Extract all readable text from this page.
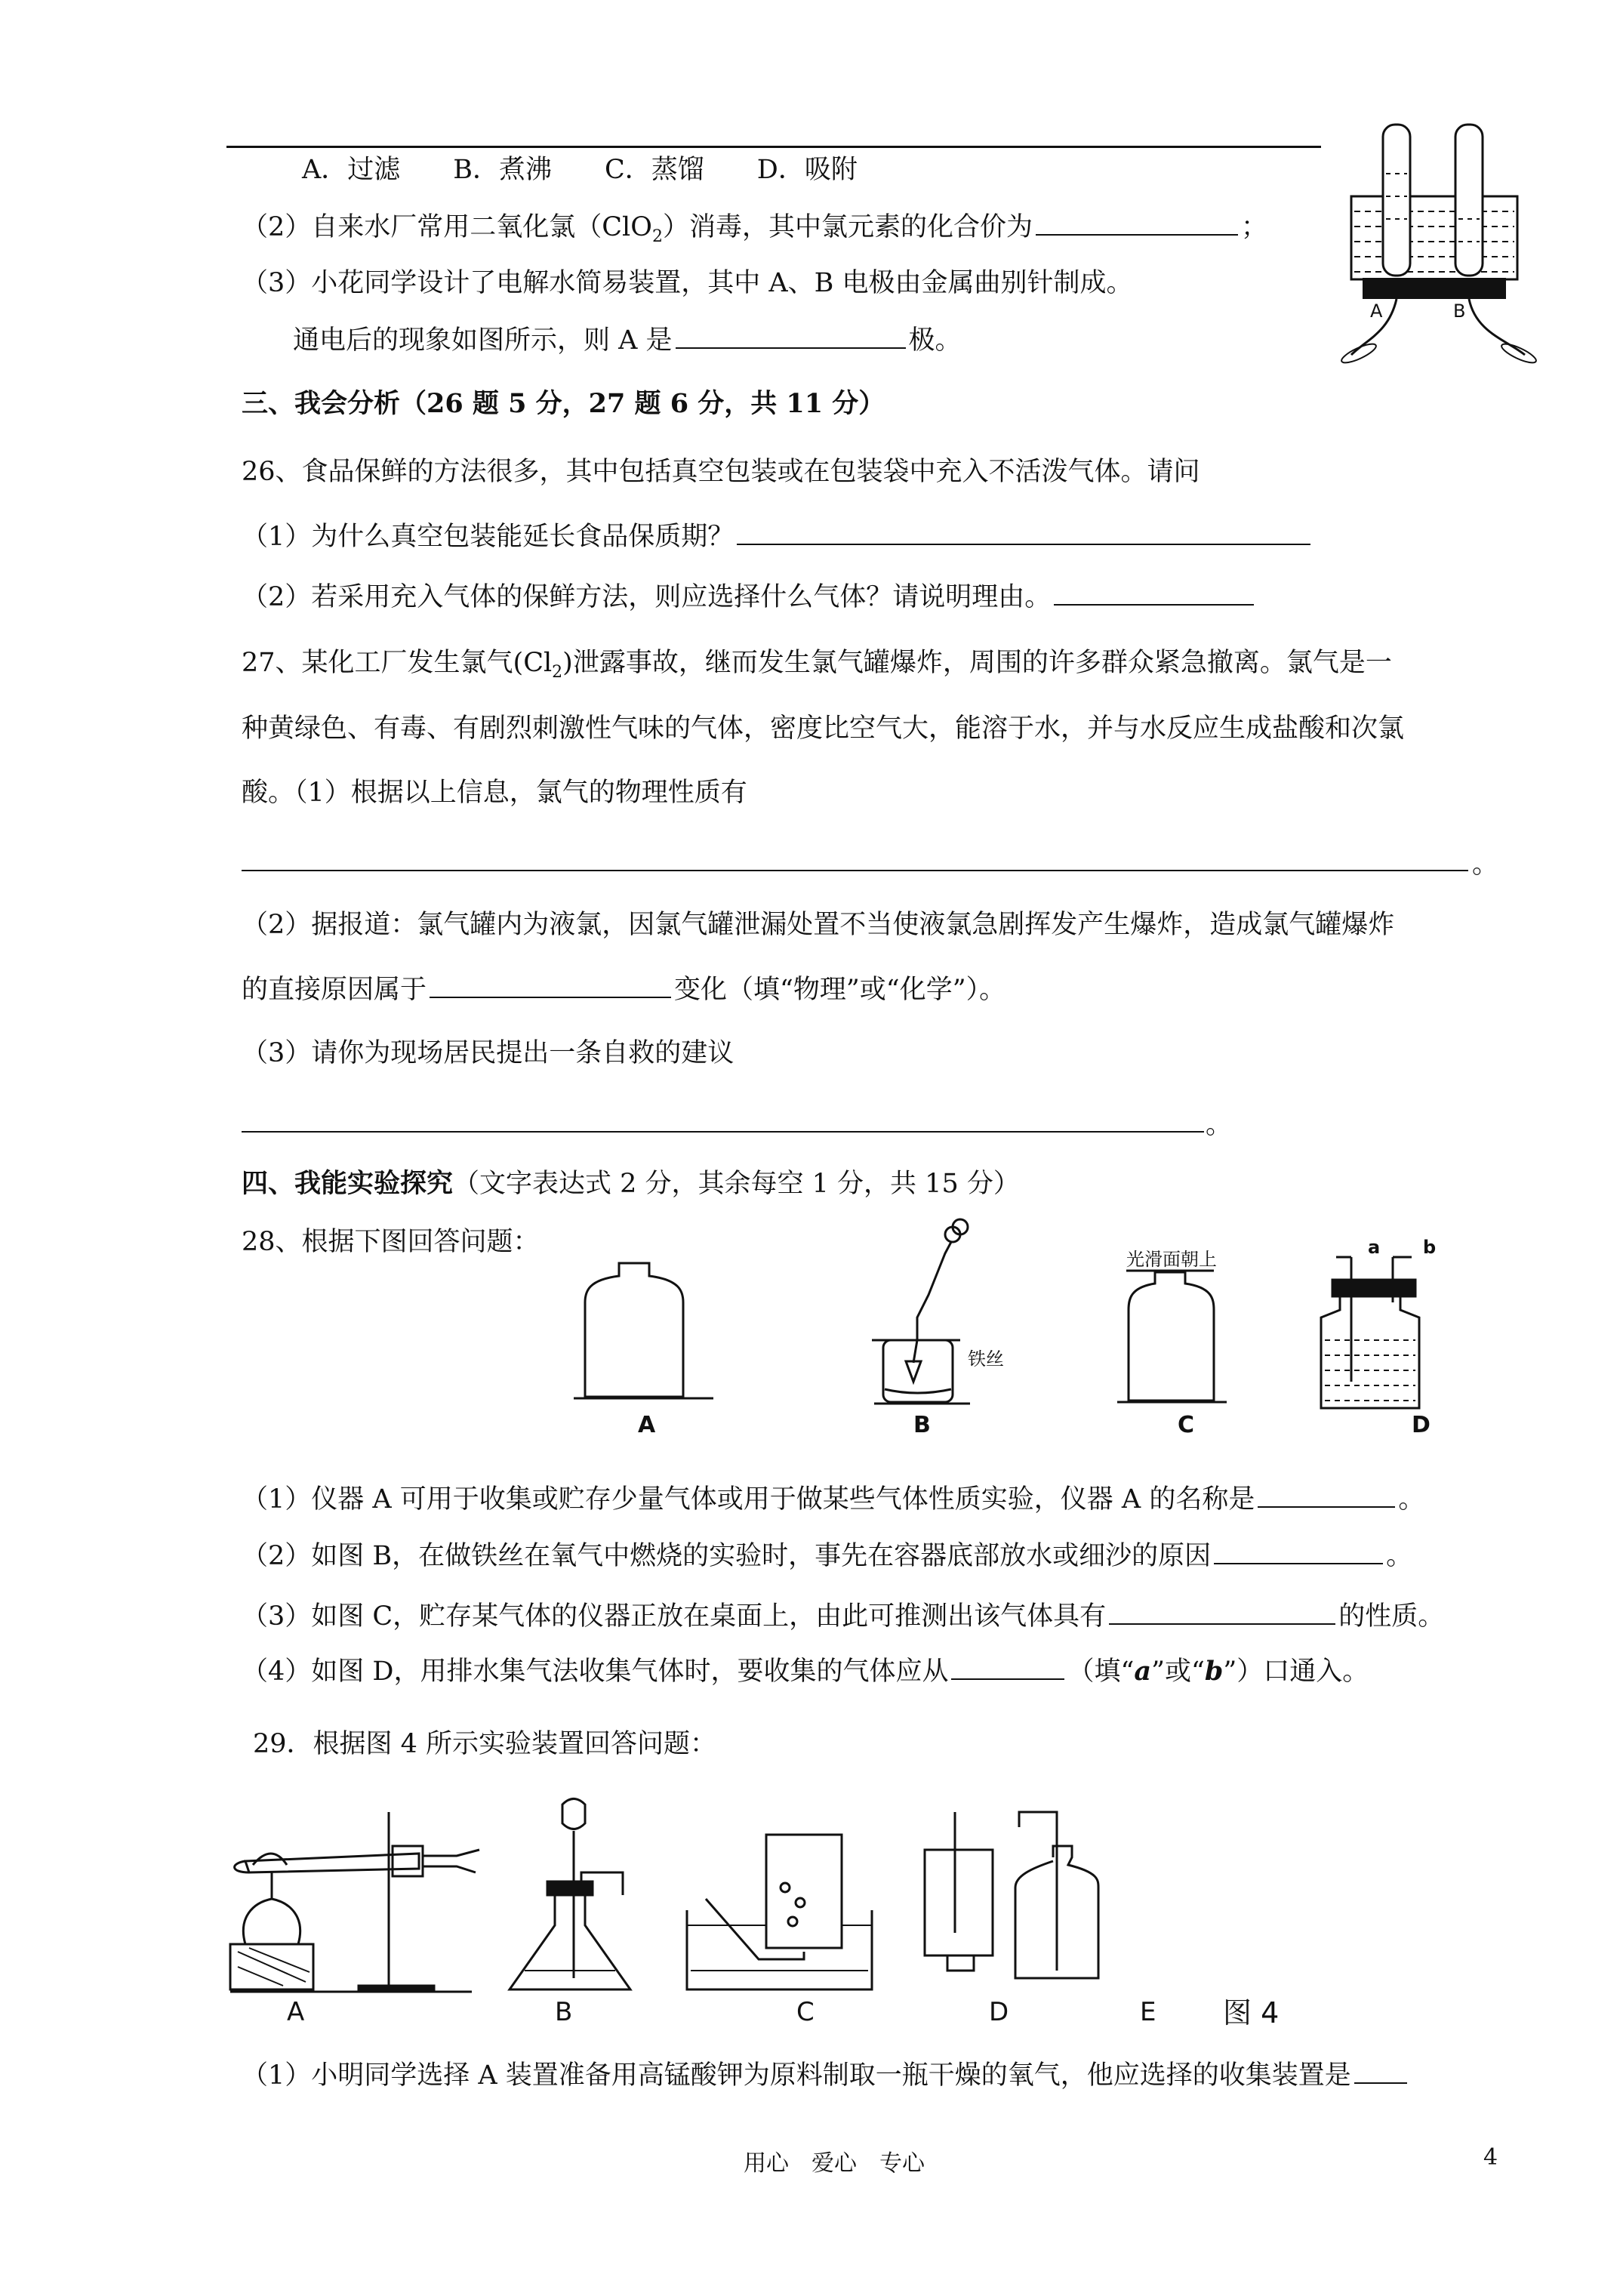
A．过滤　　B．煮沸　　C．蒸馏　　D．吸附
（2）自来水厂常用二氧化氯（ClO$_2$）消毒，其中氯元素的化合价为	；
（3）小花同学设计了电解水简易装置，其中 A、B 电极由金属曲别针制成。
通电后的现象如图所示，则 A 是	极。
A	B
三、我会分析（26 题 5 分，27 题 6 分，共 11 分）
26、食品保鲜的方法很多，其中包括真空包装或在包装袋中充入不活泼气体。请问
（1）为什么真空包装能延长食品保质期？
（2）若采用充入气体的保鲜方法，则应选择什么气体？请说明理由。
27、某化工厂发生氯气$(Cl_2)$泄露事故，继而发生氯气罐爆炸，周围的许多群众紧急撤离。氯气是一
种黄绿色、有毒、有剧烈刺激性气味的气体，密度比空气大，能溶于水，并与水反应生成盐酸和次氯
酸。（1）根据以上信息，氯气的物理性质有
。
（2）据报道：氯气罐内为液氯，因氯气罐泄漏处置不当使液氯急剧挥发产生爆炸，造成氯气罐爆炸
的直接原因属于	变化（填“物理”或“化学”）。
（3）请你为现场居民提出一条自救的建议
。
四、我能实验探究（文字表达式 2 分，其余每空 1 分，共 15 分）
28、根据下图回答问题：
A	B	C	D
铁丝
光滑面朝上
a b
（1）仪器 A 可用于收集或贮存少量气体或用于做某些气体性质实验，仪器 A 的名称是	。
（2）如图 B，在做铁丝在氧气中燃烧的实验时，事先在容器底部放水或细沙的原因	。
（3）如图 C，贮存某气体的仪器正放在桌面上，由此可推测出该气体具有	的性质。
（4）如图 D，用排水集气法收集气体时，要收集的气体应从	（填“a”或“b”）口通入。
29．根据图 4 所示实验装置回答问题：
A	B	C	D	E 图 4
（1）小明同学选择 A 装置准备用高锰酸钾为原料制取一瓶干燥的氧气，他应选择的收集装置是
用心　爱心　专心	4
